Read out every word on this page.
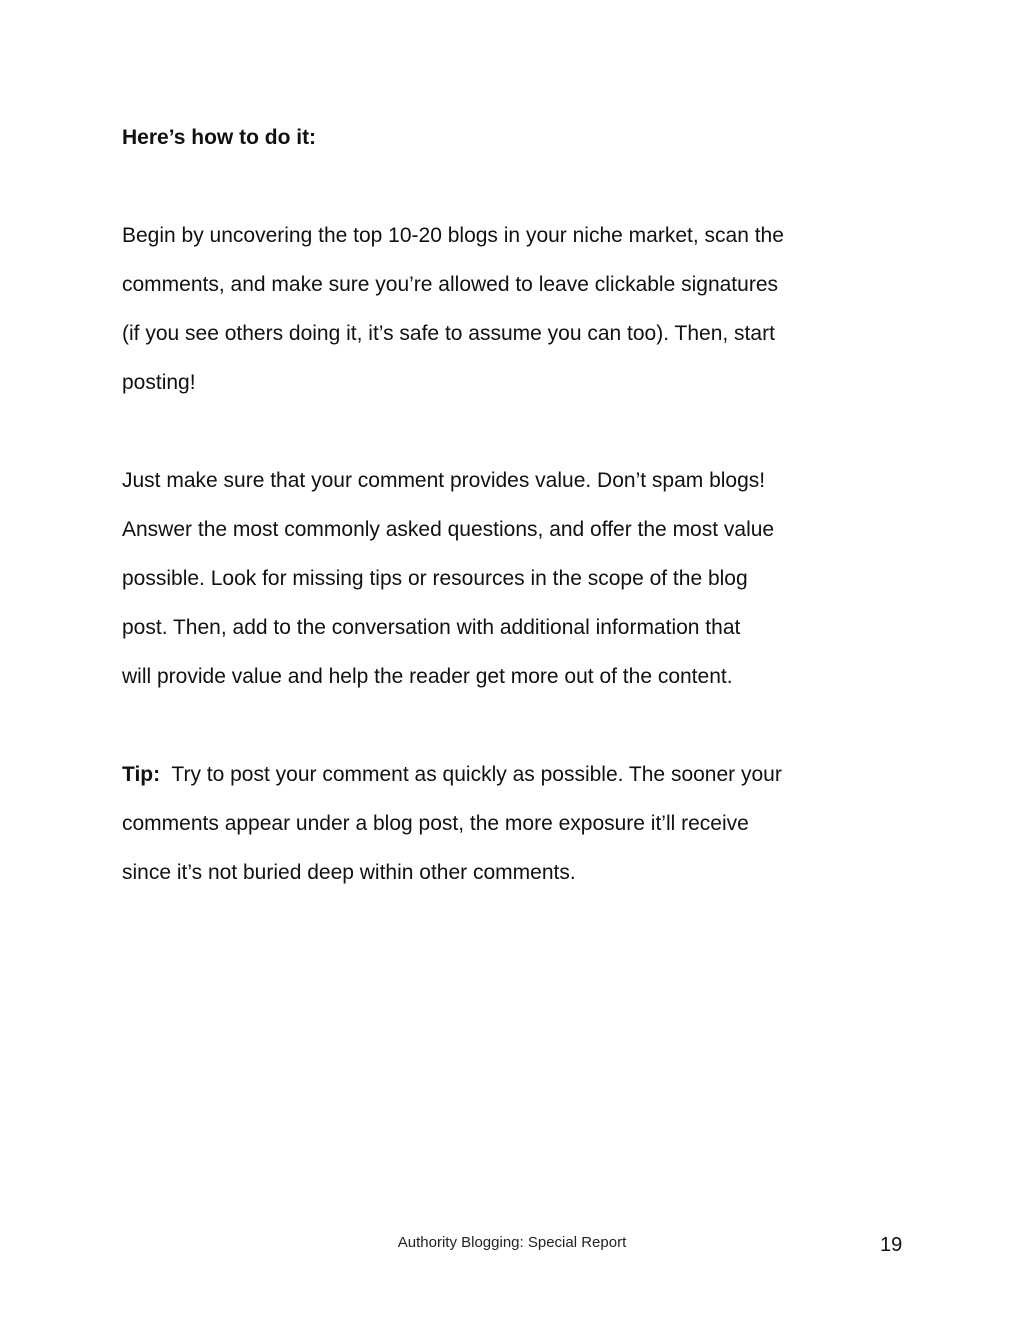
Here’s how to do it:
Begin by uncovering the top 10-20 blogs in your niche market, scan the
comments, and make sure you’re allowed to leave clickable signatures
(if you see others doing it, it’s safe to assume you can too). Then, start
posting!
Just make sure that your comment provides value. Don’t spam blogs!
Answer the most commonly asked questions, and offer the most value
possible. Look for missing tips or resources in the scope of the blog
post. Then, add to the conversation with additional information that
will provide value and help the reader get more out of the content.
Tip:  Try to post your comment as quickly as possible. The sooner your
comments appear under a blog post, the more exposure it’ll receive
since it’s not buried deep within other comments.
Authority Blogging: Special Report	19
